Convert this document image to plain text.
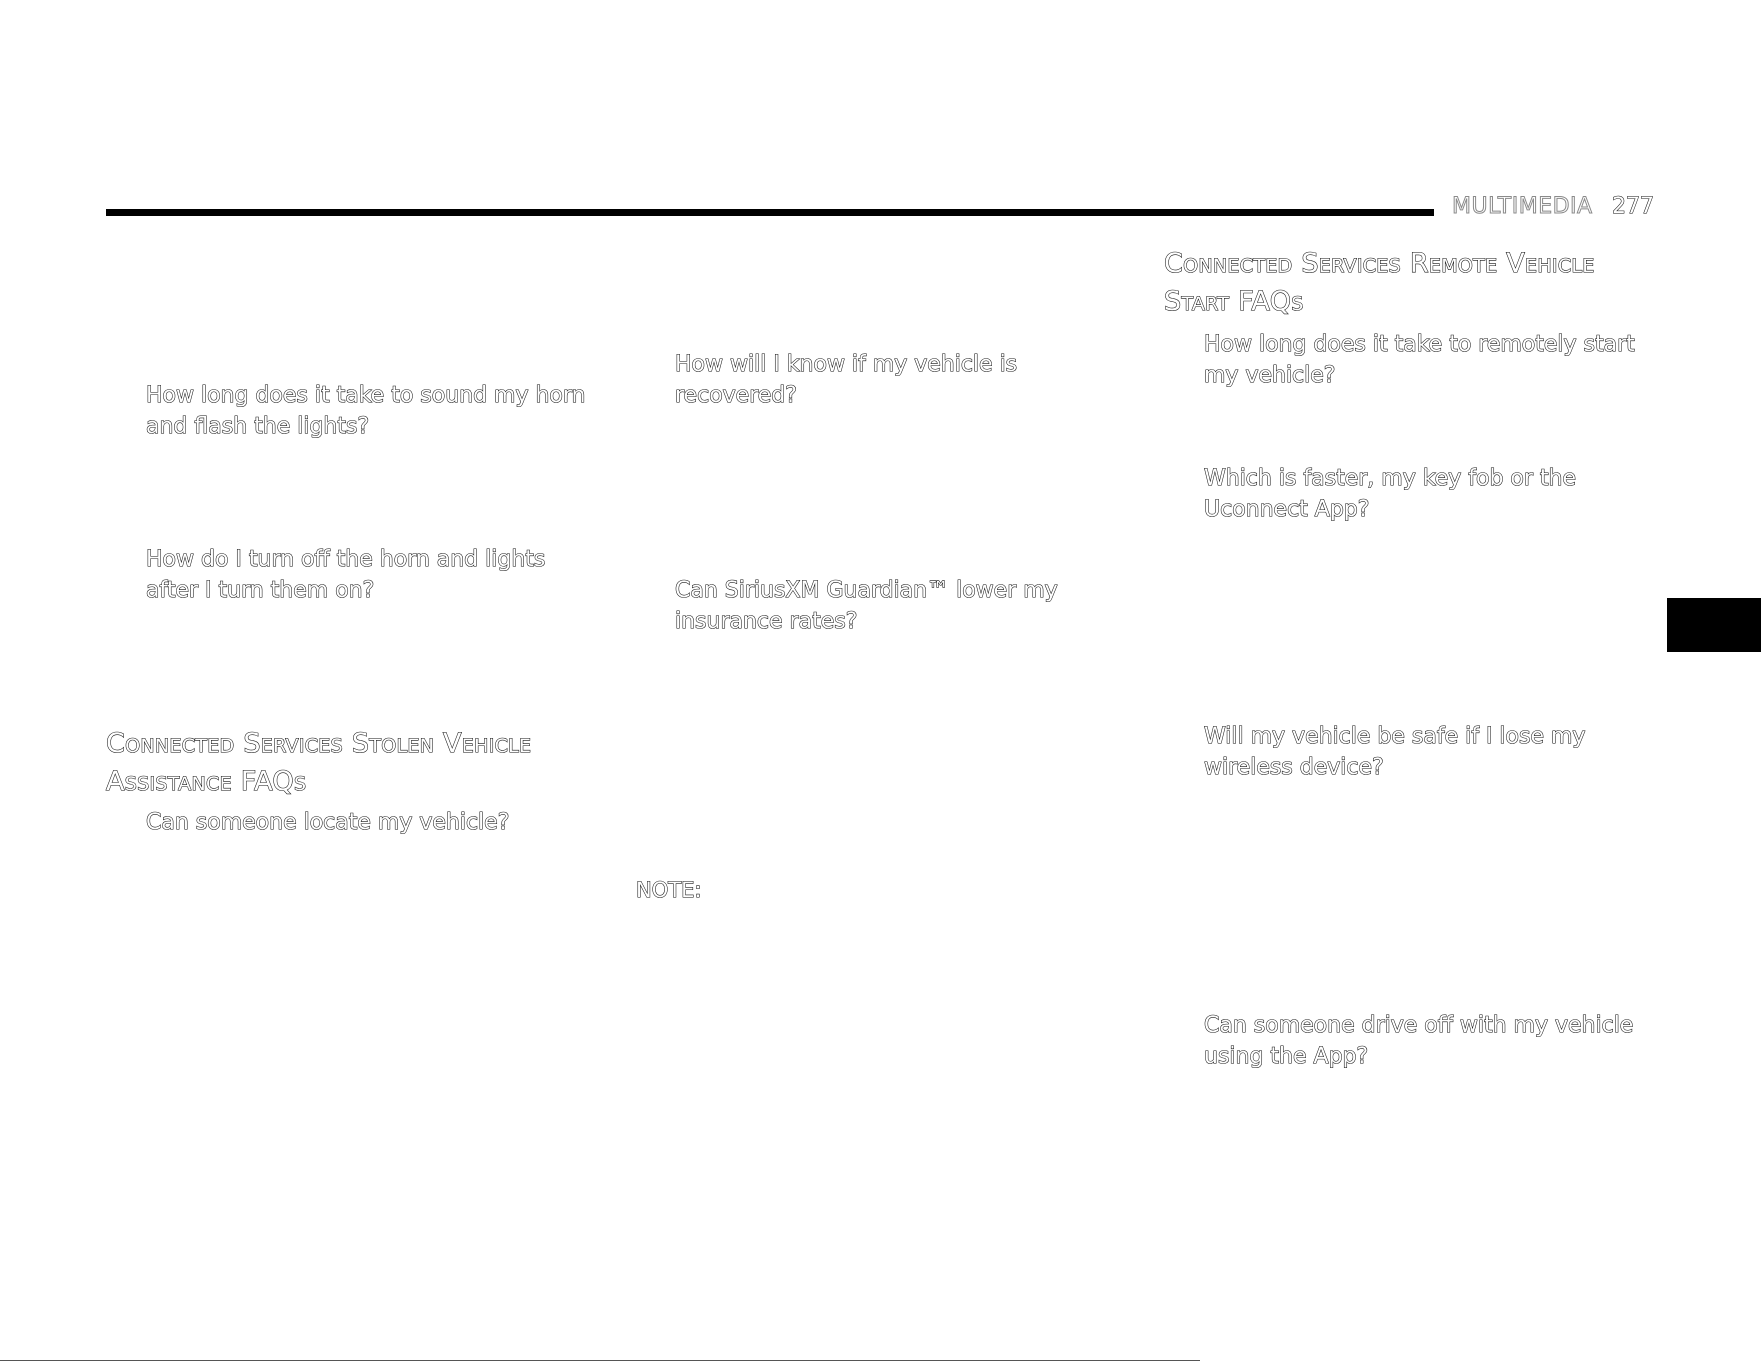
MULTIMEDIA 277
How long does it take to sound my horn and flash the lights?
How do I turn off the horn and lights after I turn them on?
Connected Services Stolen Vehicle Assistance FAQs
Can someone locate my vehicle?
How will I know if my vehicle is recovered?
Can SiriusXM Guardian™ lower my insurance rates?
NOTE:
Connected Services Remote Vehicle Start FAQs
How long does it take to remotely start my vehicle?
Which is faster, my key fob or the Uconnect App?
Will my vehicle be safe if I lose my wireless device?
Can someone drive off with my vehicle using the App?
